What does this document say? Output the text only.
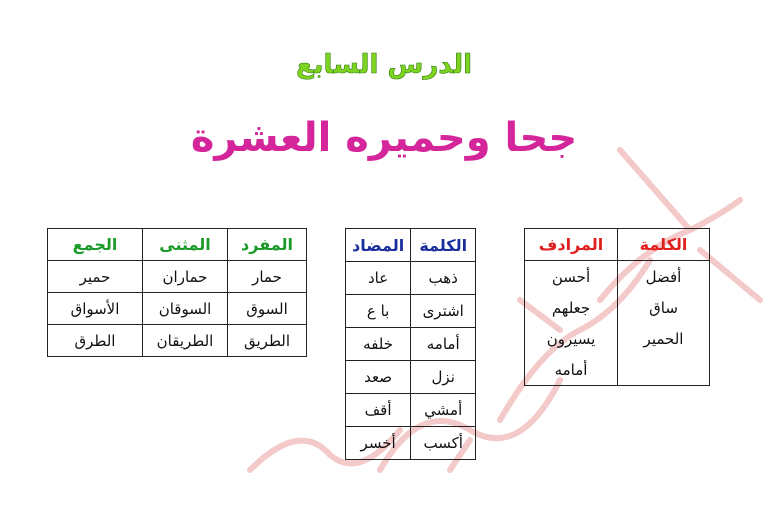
الدرس السابع
جحا وحميره العشرة
الكلمة	المرادف
أفضل	أحسن
ساق	جعلهم
الحمير	يسيرون
	أمامه
الكلمة	المضاد
ذهب	عاد
اشترى	با ع
أمامه	خلفه
نزل	صعد
أمشي	أقف
أكسب	أخسر
المفرد	المثنى	الجمع
حمار	حماران	حمير
السوق	السوقان	الأسواق
الطريق	الطريقان	الطرق
